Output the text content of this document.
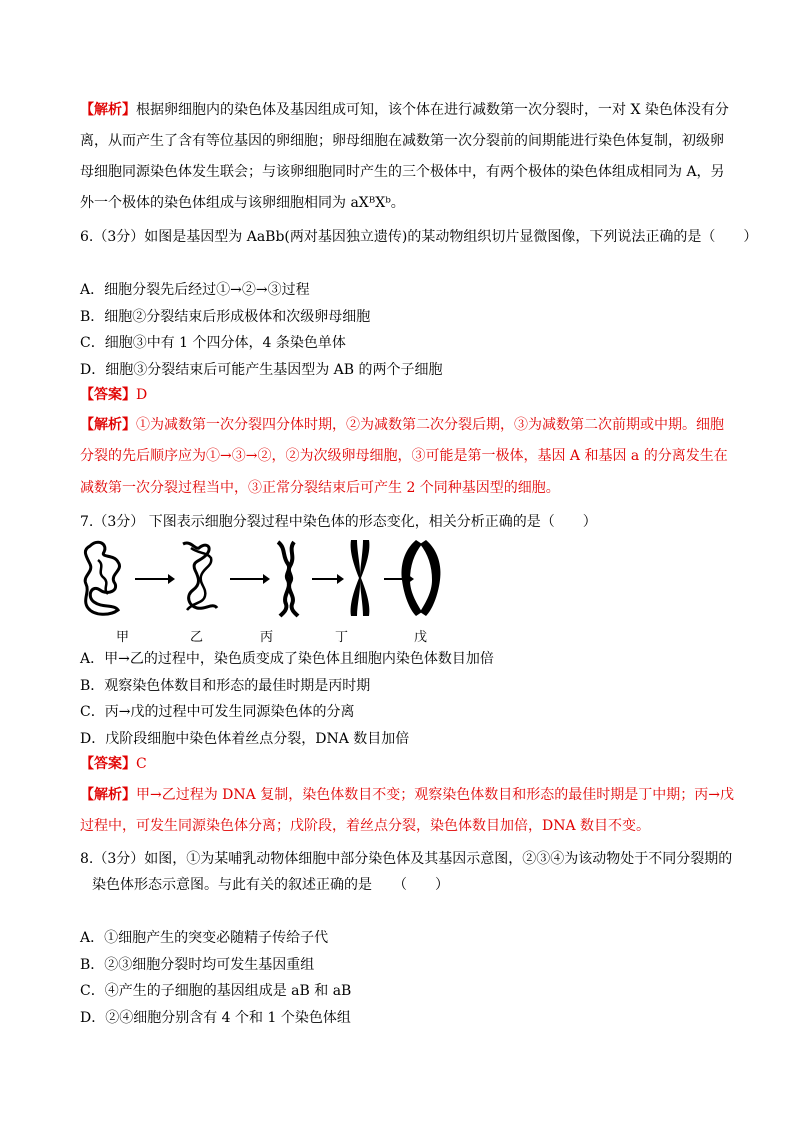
【解析】根据卵细胞内的染色体及基因组成可知，该个体在进行减数第一次分裂时，一对 X 染色体没有分
离，从而产生了含有等位基因的卵细胞；卵母细胞在减数第一次分裂前的间期能进行染色体复制，初级卵
母细胞同源染色体发生联会；与该卵细胞同时产生的三个极体中，有两个极体的染色体组成相同为 A，另
外一个极体的染色体组成与该卵细胞相同为 aXᴮXᵇ。
6.（3分）如图是基因型为 AaBb(两对基因独立遗传)的某动物组织切片显微图像，下列说法正确的是（　　）
A．细胞分裂先后经过①→②→③过程
B．细胞②分裂结束后形成极体和次级卵母细胞
C．细胞③中有 1 个四分体，4 条染色单体
D．细胞③分裂结束后可能产生基因型为 AB 的两个子细胞
【答案】D
【解析】①为减数第一次分裂四分体时期，②为减数第二次分裂后期，③为减数第二次前期或中期。细胞
分裂的先后顺序应为①→③→②，②为次级卵母细胞，③可能是第一极体，基因 A 和基因 a 的分离发生在
减数第一次分裂过程当中，③正常分裂结束后可产生 2 个同种基因型的细胞。
7.（3分） 下图表示细胞分裂过程中染色体的形态变化，相关分析正确的是（　　）
甲	乙	丙	丁	戊
A．甲→乙的过程中，染色质变成了染色体且细胞内染色体数目加倍
B．观察染色体数目和形态的最佳时期是丙时期
C．丙→戊的过程中可发生同源染色体的分离
D．戊阶段细胞中染色体着丝点分裂，DNA 数目加倍
【答案】C
【解析】甲→乙过程为 DNA 复制，染色体数目不变；观察染色体数目和形态的最佳时期是丁中期；丙→戊
过程中，可发生同源染色体分离；戊阶段，着丝点分裂，染色体数目加倍，DNA 数目不变。
8.（3分）如图，①为某哺乳动物体细胞中部分染色体及其基因示意图，②③④为该动物处于不同分裂期的
染色体形态示意图。与此有关的叙述正确的是　　（　　）
A．①细胞产生的突变必随精子传给子代
B．②③细胞分裂时均可发生基因重组
C．④产生的子细胞的基因组成是 aB 和 aB
D．②④细胞分别含有 4 个和 1 个染色体组
